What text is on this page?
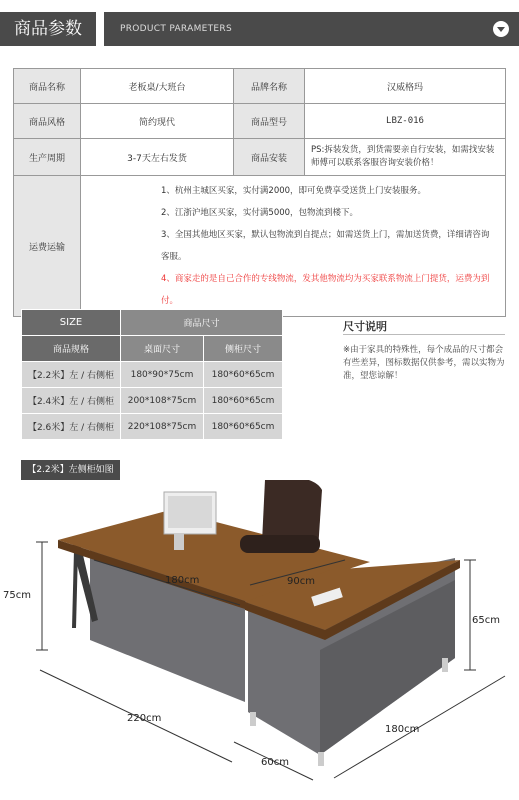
商品参数	PRODUCT PARAMETERS
商品名称	老板桌/大班台	品牌名称	汉威格玛
商品风格	简约现代	商品型号	LBZ-016
生产周期	3-7天左右发货	商品安装	PS:拆装发货，到货需要亲自行安装，如需找安装师傅可以联系客服咨询安装价格！
运费运输	1、杭州主城区买家，实付满2000，即可免费享受送货上门安装服务。
2、江浙沪地区买家，实付满5000，包物流到楼下。
3、全国其他地区买家，默认包物流到自提点；如需送货上门，需加送货费，详细请咨询客服。
4、商家走的是自己合作的专线物流，发其他物流均为买家联系物流上门提货，运费为到付。		
SIZE	商品尺寸	
商品规格	桌面尺寸	侧柜尺寸
【2.2米】左 / 右侧柜	180*90*75cm	180*60*65cm
【2.4米】左 / 右侧柜	200*108*75cm	180*60*65cm
【2.6米】左 / 右侧柜	220*108*75cm	180*60*65cm
尺寸说明
※由于家具的特殊性，每个成品的尺寸都会有些差异，图标数据仅供参考，需以实物为准，望您谅解！
【2.2米】左侧柜如图
180cm	90cm
75cm
65cm
220cm
180cm
60cm
